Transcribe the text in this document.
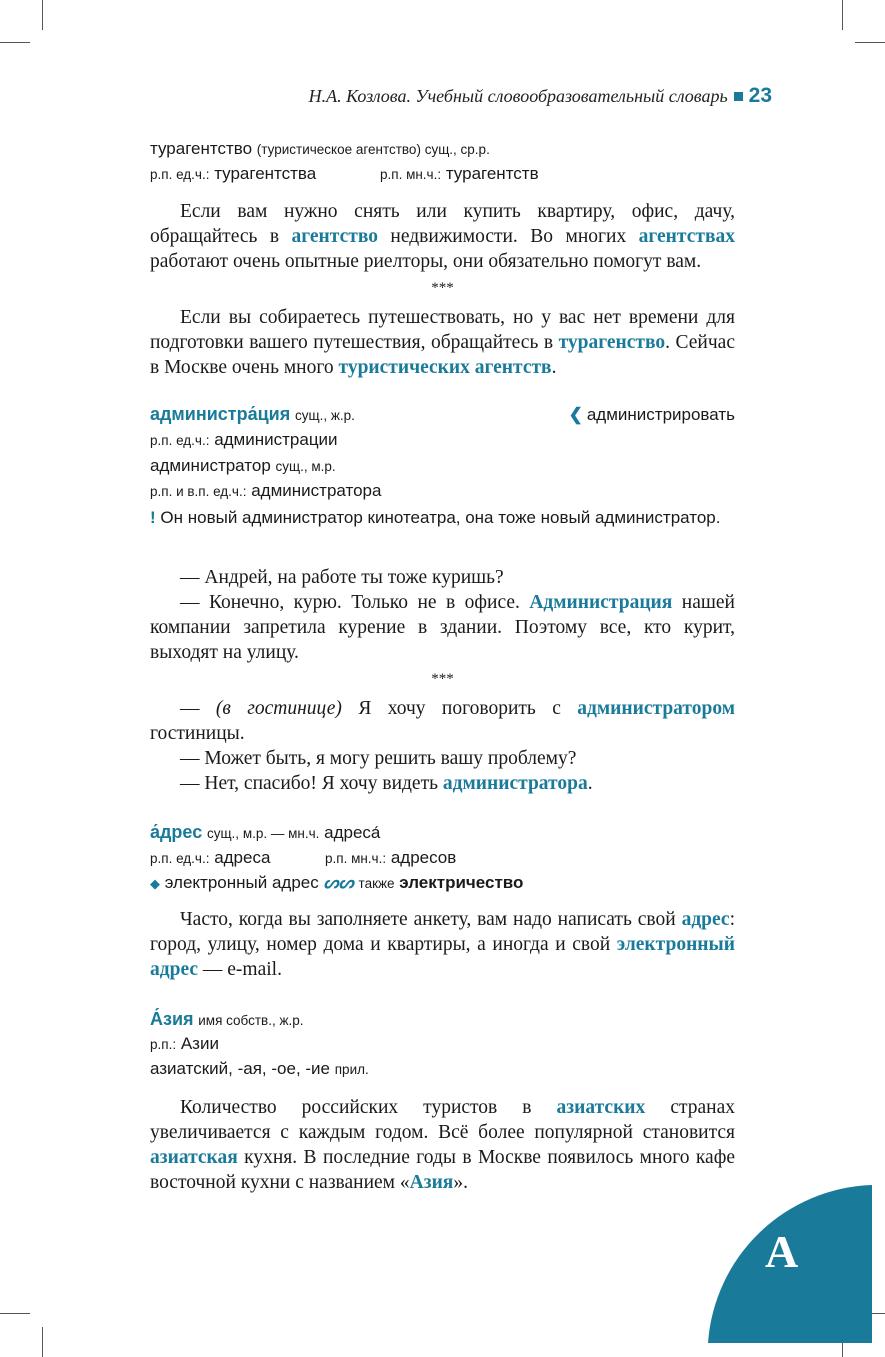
А
Н.А. Козлова. Учебный словообразовательный словарь 23
турагентство (туристическое агентство) сущ., ср.р.
р.п. ед.ч.: турагентства	р.п. мн.ч.: турагентств

Если вам нужно снять или купить квартиру, офис, дачу, обращайтесь в агентство недвижимости. Во многих агентствах работают очень опытные риелторы, они обязательно помогут вам.

***

Если вы собираетесь путешествовать, но у вас нет времени для подготовки вашего путешествия, обращайтесь в турагенство. Сейчас в Москве очень много туристических агентств.

администра́ция сущ., ж.р.	❮ администрировать
р.п. ед.ч.: администрации
администратор сущ., м.р.
р.п. и в.п. ед.ч.: администратора
! Он новый администратор кинотеатра, она тоже новый администратор.

— Андрей, на работе ты тоже куришь?

— Конечно, курю. Только не в офисе. Администрация нашей компании запретила курение в здании. Поэтому все, кто курит, выходят на улицу.

***

— (в гостинице) Я хочу поговорить с администратором гостиницы.

— Может быть, я могу решить вашу проблему?

— Нет, спасибо! Я хочу видеть администратора.

а́дрес сущ., м.р. — мн.ч. адреса́
р.п. ед.ч.: адреса	р.п. мн.ч.: адресов
◆ электронный адрес ᔕᔕ также электричество

Часто, когда вы заполняете анкету, вам надо написать свой адрес: город, улицу, номер дома и квартиры, а иногда и свой электронный адрес — e-mail.

А́зия имя собств., ж.р.
р.п.: Азии
азиатский, -ая, -ое, -ие прил.

Количество российских туристов в азиатских странах увеличивается с каждым годом. Всё более популярной становится азиатская кухня. В последние годы в Москве появилось много кафе восточной кухни с названием «Азия».
